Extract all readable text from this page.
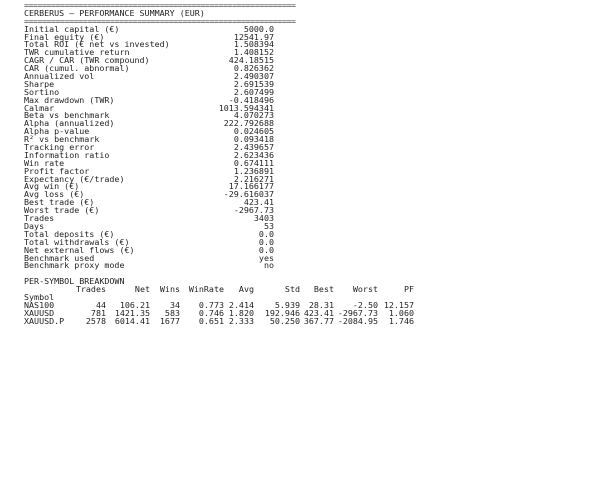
============================================================
CERBERUS — PERFORMANCE SUMMARY (EUR)
============================================================
Initial capital (€)	5000.0
Final equity (€)	12541.97
Total ROI (€ net vs invested)	1.508394
TWR cumulative return	1.408152
CAGR / CAR (TWR compound)	424.18515
CAR (cumul. abnormal)	0.826362
Annualized vol	2.490307
Sharpe	2.691539
Sortino	2.607499
Max drawdown (TWR)	-0.418496
Calmar	1013.594341
Beta vs benchmark	4.070273
Alpha (annualized)	222.792688
Alpha p-value	0.024605
R² vs benchmark	0.093418
Tracking error	2.439657
Information ratio	2.623436
Win rate	0.674111
Profit factor	1.236891
Expectancy (€/trade)	2.216271
Avg win (€)	17.166177
Avg loss (€)	-29.616037
Best trade (€)	423.41
Worst trade (€)	-2967.73
Trades	3403
Days	53
Total deposits (€)	0.0
Total withdrawals (€)	0.0
Net external flows (€)	0.0
Benchmark used	yes
Benchmark proxy mode	no
PER-SYMBOL BREAKDOWN
	Trades	Net	Wins	WinRate	Avg	Std	Best	Worst	PF
Symbol									
NAS100	44	106.21	34	0.773	2.414	5.939	28.31	-2.50	12.157
XAUUSD	781	1421.35	583	0.746	1.820	192.946	423.41	-2967.73	1.060
XAUUSD.P	2578	6014.41	1677	0.651	2.333	50.250	367.77	-2084.95	1.746
